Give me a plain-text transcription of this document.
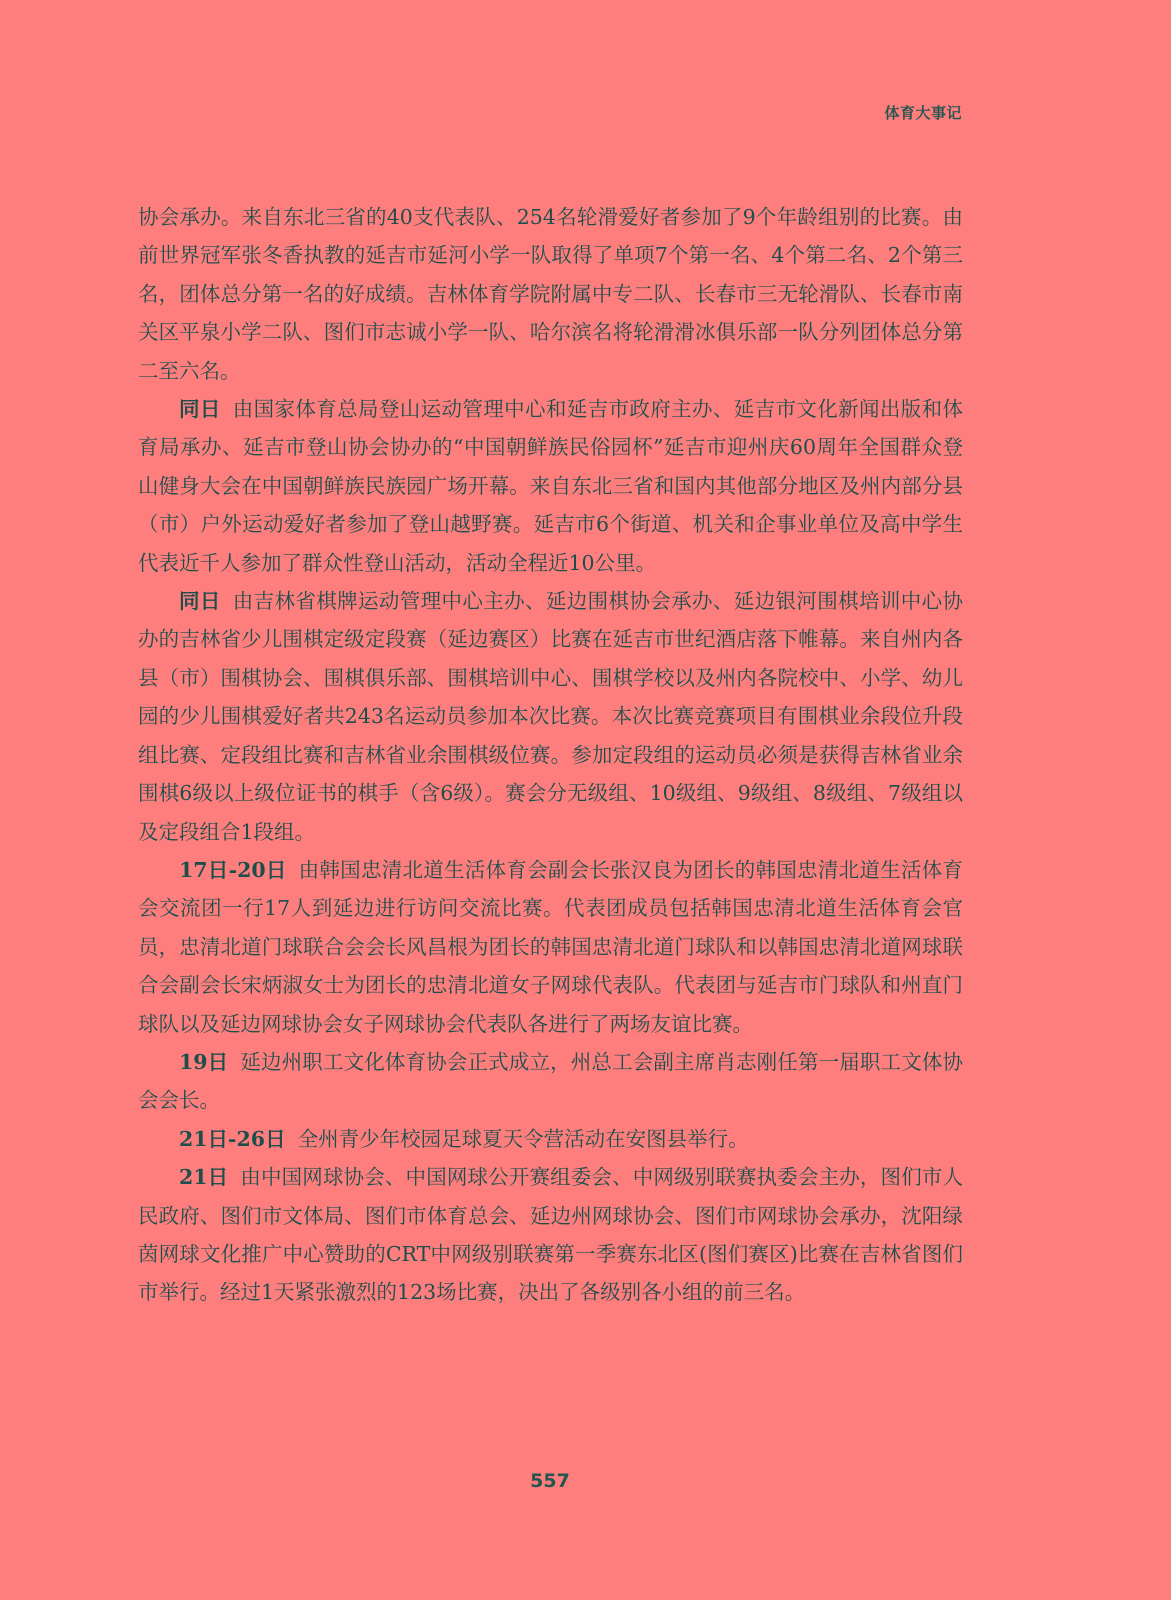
体育大事记

协会承办。来自东北三省的40支代表队、254名轮滑爱好者参加了9个年龄组别的比赛。由前世界冠军张冬香执教的延吉市延河小学一队取得了单项7个第一名、4个第二名、2个第三名，团体总分第一名的好成绩。吉林体育学院附属中专二队、长春市三无轮滑队、长春市南关区平泉小学二队、图们市志诚小学一队、哈尔滨名将轮滑滑冰俱乐部一队分列团体总分第二至六名。

同日 由国家体育总局登山运动管理中心和延吉市政府主办、延吉市文化新闻出版和体育局承办、延吉市登山协会协办的“中国朝鲜族民俗园杯”延吉市迎州庆60周年全国群众登山健身大会在中国朝鲜族民族园广场开幕。来自东北三省和国内其他部分地区及州内部分县（市）户外运动爱好者参加了登山越野赛。延吉市6个街道、机关和企事业单位及高中学生代表近千人参加了群众性登山活动，活动全程近10公里。

同日 由吉林省棋牌运动管理中心主办、延边围棋协会承办、延边银河围棋培训中心协办的吉林省少儿围棋定级定段赛（延边赛区）比赛在延吉市世纪酒店落下帷幕。来自州内各县（市）围棋协会、围棋俱乐部、围棋培训中心、围棋学校以及州内各院校中、小学、幼儿园的少儿围棋爱好者共243名运动员参加本次比赛。本次比赛竞赛项目有围棋业余段位升段组比赛、定段组比赛和吉林省业余围棋级位赛。参加定段组的运动员必须是获得吉林省业余围棋6级以上级位证书的棋手（含6级）。赛会分无级组、10级组、9级组、8级组、7级组以及定段组合1段组。

17日-20日 由韩国忠清北道生活体育会副会长张汉良为团长的韩国忠清北道生活体育会交流团一行17人到延边进行访问交流比赛。代表团成员包括韩国忠清北道生活体育会官员，忠清北道门球联合会会长风昌根为团长的韩国忠清北道门球队和以韩国忠清北道网球联合会副会长宋炳淑女士为团长的忠清北道女子网球代表队。代表团与延吉市门球队和州直门球队以及延边网球协会女子网球协会代表队各进行了两场友谊比赛。

19日 延边州职工文化体育协会正式成立，州总工会副主席肖志刚任第一届职工文体协会会长。

21日-26日 全州青少年校园足球夏天令营活动在安图县举行。

21日 由中国网球协会、中国网球公开赛组委会、中网级别联赛执委会主办，图们市人民政府、图们市文体局、图们市体育总会、延边州网球协会、图们市网球协会承办，沈阳绿茵网球文化推广中心赞助的CRT中网级别联赛第一季赛东北区(图们赛区)比赛在吉林省图们市举行。经过1天紧张激烈的123场比赛，决出了各级别各小组的前三名。

557
